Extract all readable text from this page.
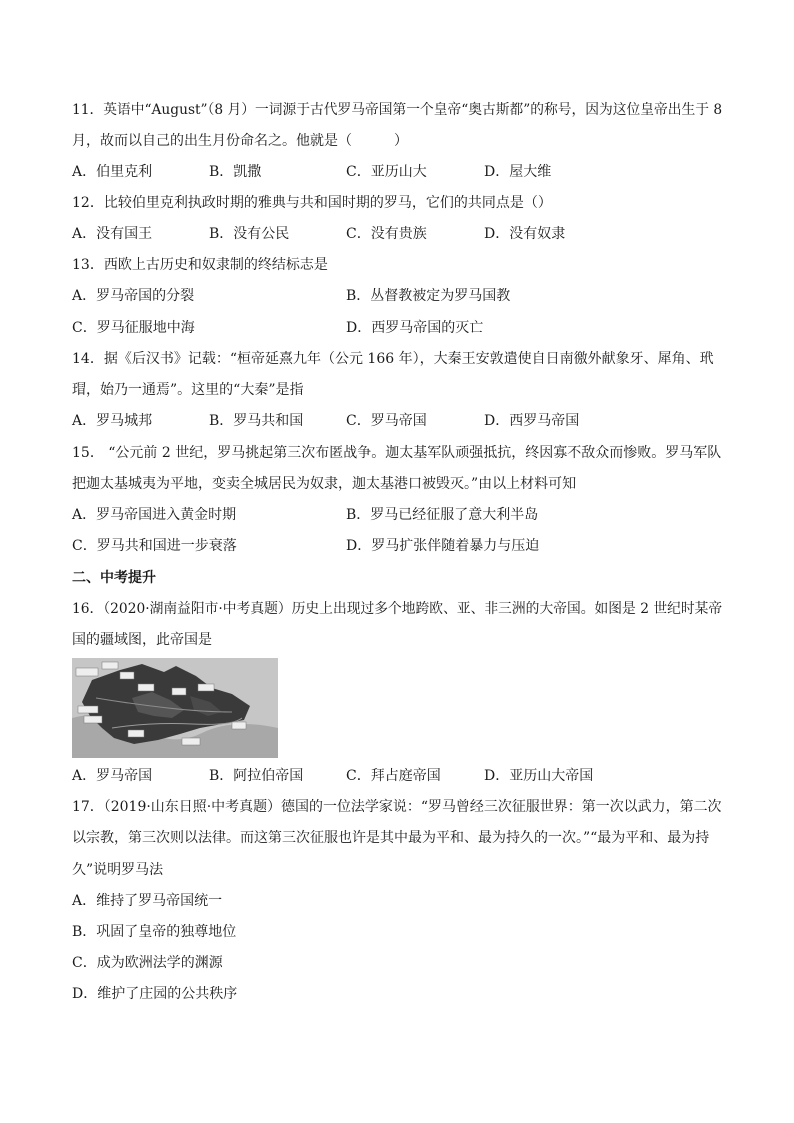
11．英语中“August”（8 月）一词源于古代罗马帝国第一个皇帝“奥古斯都”的称号，因为这位皇帝出生于 8
月，故而以自己的出生月份命名之。他就是（　　　）
A．伯里克利	B．凯撒	C．亚历山大	D．屋大维
12．比较伯里克利执政时期的雅典与共和国时期的罗马，它们的共同点是（）
A．没有国王	B．没有公民	C．没有贵族	D．没有奴隶
13．西欧上古历史和奴隶制的终结标志是
A．罗马帝国的分裂	B．丛督教被定为罗马国教
C．罗马征服地中海	D．西罗马帝国的灭亡
14．据《后汉书》记载：“桓帝延熹九年（公元 166 年），大秦王安敦遣使自日南徼外献象牙、犀角、玳
瑁，始乃一通焉”。这里的“大秦”是指
A．罗马城邦	B．罗马共和国	C．罗马帝国	D．西罗马帝国
15． “公元前 2 世纪，罗马挑起第三次布匿战争。迦太基军队顽强抵抗，终因寡不敌众而惨败。罗马军队
把迦太基城夷为平地，变卖全城居民为奴隶，迦太基港口被毁灭。”由以上材料可知
A．罗马帝国进入黄金时期	B．罗马已经征服了意大利半岛
C．罗马共和国进一步衰落	D．罗马扩张伴随着暴力与压迫
二、中考提升
16．（2020·湖南益阳市·中考真题）历史上出现过多个地跨欧、亚、非三洲的大帝国。如图是 2 世纪时某帝
国的疆域图，此帝国是
A．罗马帝国	B．阿拉伯帝国	C．拜占庭帝国	D．亚历山大帝国
17．（2019·山东日照·中考真题）德国的一位法学家说：“罗马曾经三次征服世界：第一次以武力，第二次
以宗教，第三次则以法律。而这第三次征服也许是其中最为平和、最为持久的一次。”“最为平和、最为持
久”说明罗马法
A．维持了罗马帝国统一
B．巩固了皇帝的独尊地位
C．成为欧洲法学的渊源
D．维护了庄园的公共秩序
